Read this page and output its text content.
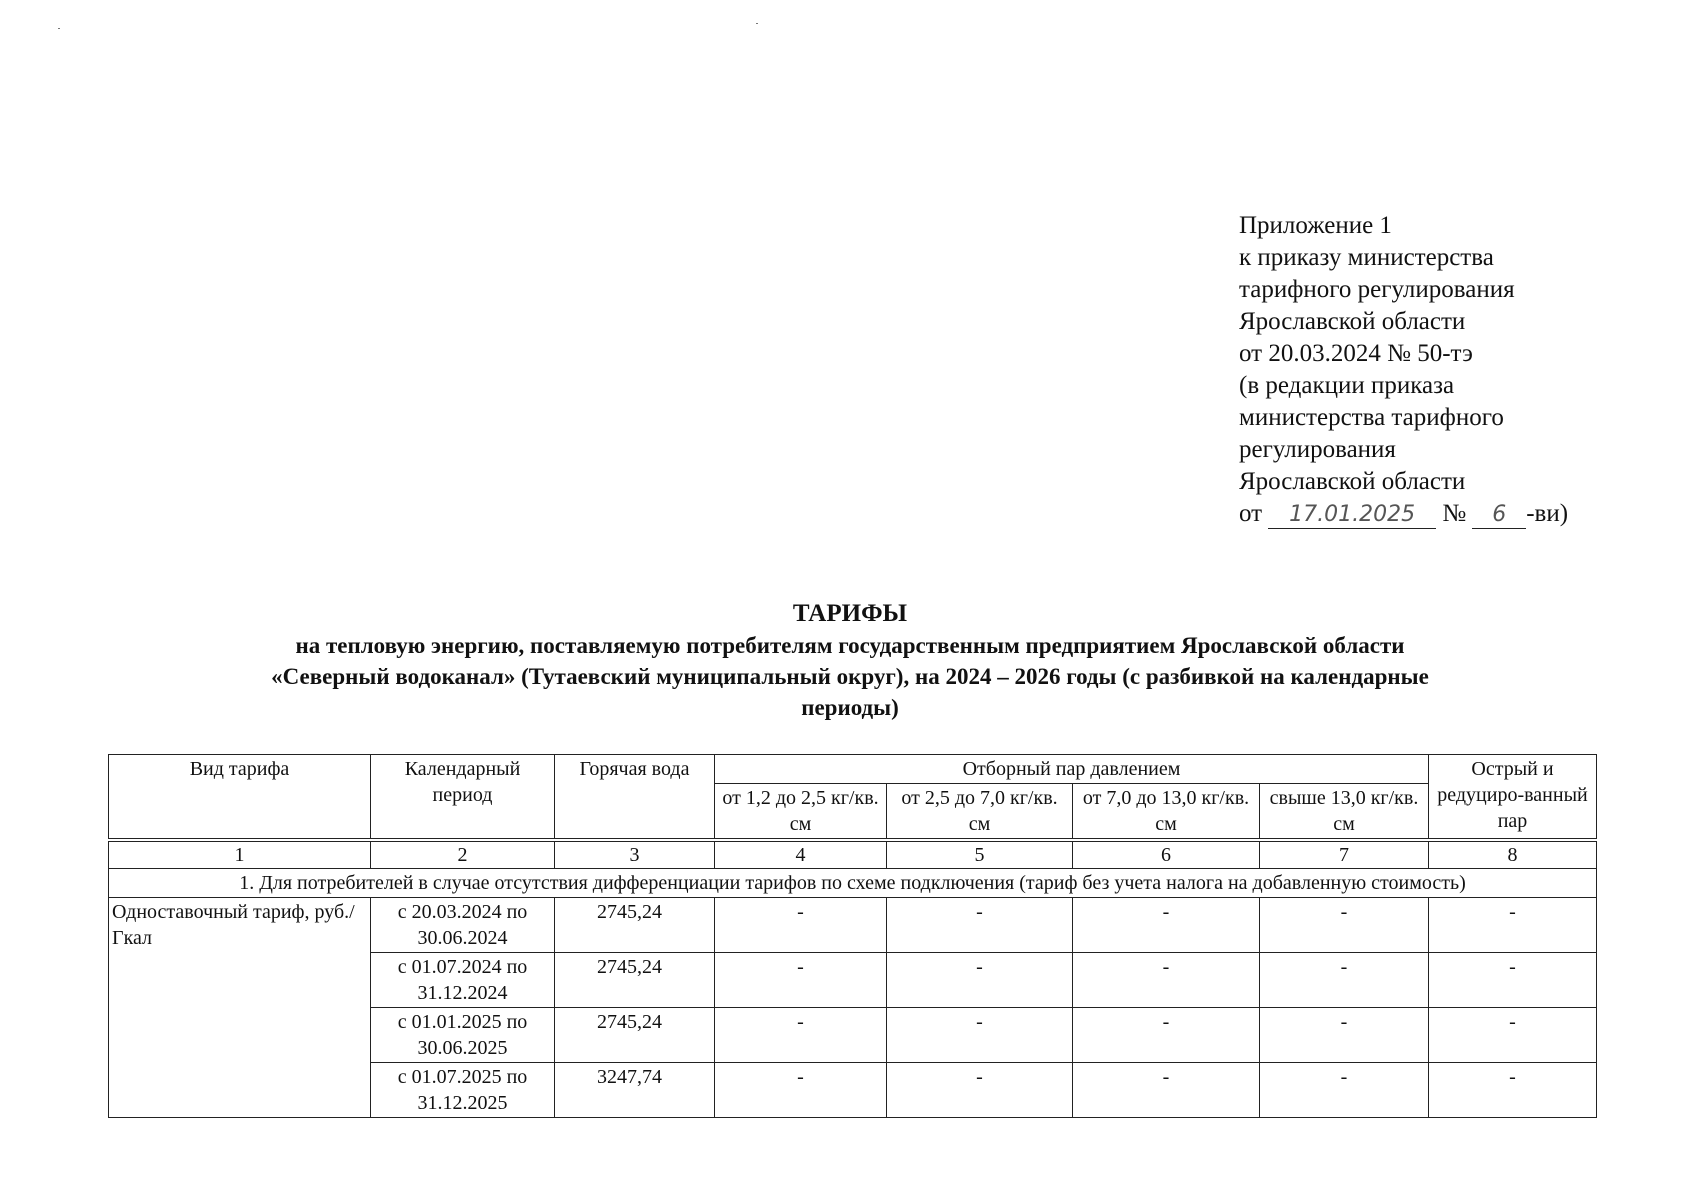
Приложение 1
к приказу министерства
тарифного регулирования
Ярославской области
от 20.03.2024 № 50-тэ
(в редакции приказа
министерства тарифного
регулирования
Ярославской области
от 17.01.2025 № 6 -ви)
ТАРИФЫ
на тепловую энергию, поставляемую потребителям государственным предприятием Ярославской области
«Северный водоканал» (Тутаевский муниципальный округ), на 2024 – 2026 годы (с разбивкой на календарные
периоды)
Вид тарифа	Календарный период	Горячая вода	Отборный пар давлением				Острый и редуциро-ванный пар
			от 1,2 до 2,5 кг/кв. см	от 2,5 до 7,0 кг/кв. см	от 7,0 до 13,0 кг/кв. см	свыше 13,0 кг/кв. см	
1	2	3	4	5	6	7	8
1. Для потребителей в случае отсутствия дифференциации тарифов по схеме подключения (тариф без учета налога на добавленную стоимость)							
Одноставочный тариф, руб./Гкал	с 20.03.2024 по 30.06.2024	2745,24	-	-	-	-	-
	с 01.07.2024 по 31.12.2024	2745,24	-	-	-	-	-
	с 01.01.2025 по 30.06.2025	2745,24	-	-	-	-	-
	с 01.07.2025 по 31.12.2025	3247,74	-	-	-	-	-
